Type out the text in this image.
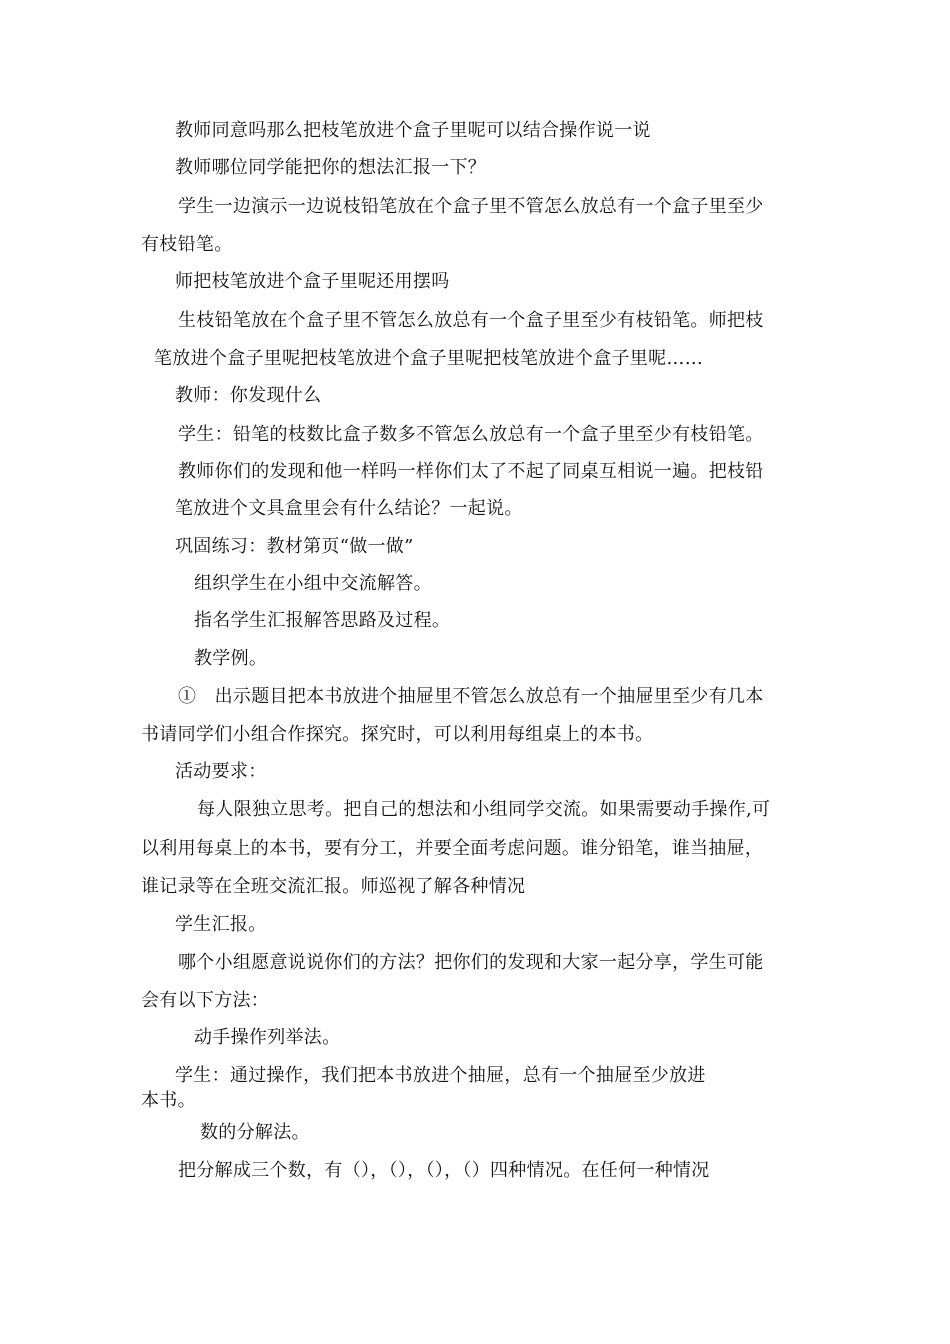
教师同意吗那么把枝笔放进个盒子里呢可以结合操作说一说
教师哪位同学能把你的想法汇报一下？
学生一边演示一边说枝铅笔放在个盒子里不管怎么放总有一个盒子里至少
有枝铅笔。
师把枝笔放进个盒子里呢还用摆吗
生枝铅笔放在个盒子里不管怎么放总有一个盒子里至少有枝铅笔。师把枝
笔放进个盒子里呢把枝笔放进个盒子里呢把枝笔放进个盒子里呢……
教师：你发现什么
学生：铅笔的枝数比盒子数多不管怎么放总有一个盒子里至少有枝铅笔。
教师你们的发现和他一样吗一样你们太了不起了同桌互相说一遍。把枝铅
笔放进个文具盒里会有什么结论？一起说。
巩固练习：教材第页“做一做”
组织学生在小组中交流解答。
指名学生汇报解答思路及过程。
教学例。
①　出示题目把本书放进个抽屉里不管怎么放总有一个抽屉里至少有几本
书请同学们小组合作探究。探究时，可以利用每组桌上的本书。
活动要求：
每人限独立思考。把自己的想法和小组同学交流。如果需要动手操作,可
以利用每桌上的本书，要有分工，并要全面考虑问题。谁分铅笔，谁当抽屉，
谁记录等在全班交流汇报。师巡视了解各种情况
学生汇报。
哪个小组愿意说说你们的方法？把你们的发现和大家一起分享，学生可能
会有以下方法：
动手操作列举法。
学生：通过操作，我们把本书放进个抽屉，总有一个抽屉至少放进
本书。
数的分解法。
把分解成三个数，有（），（），（），（）四种情况。在任何一种情况
